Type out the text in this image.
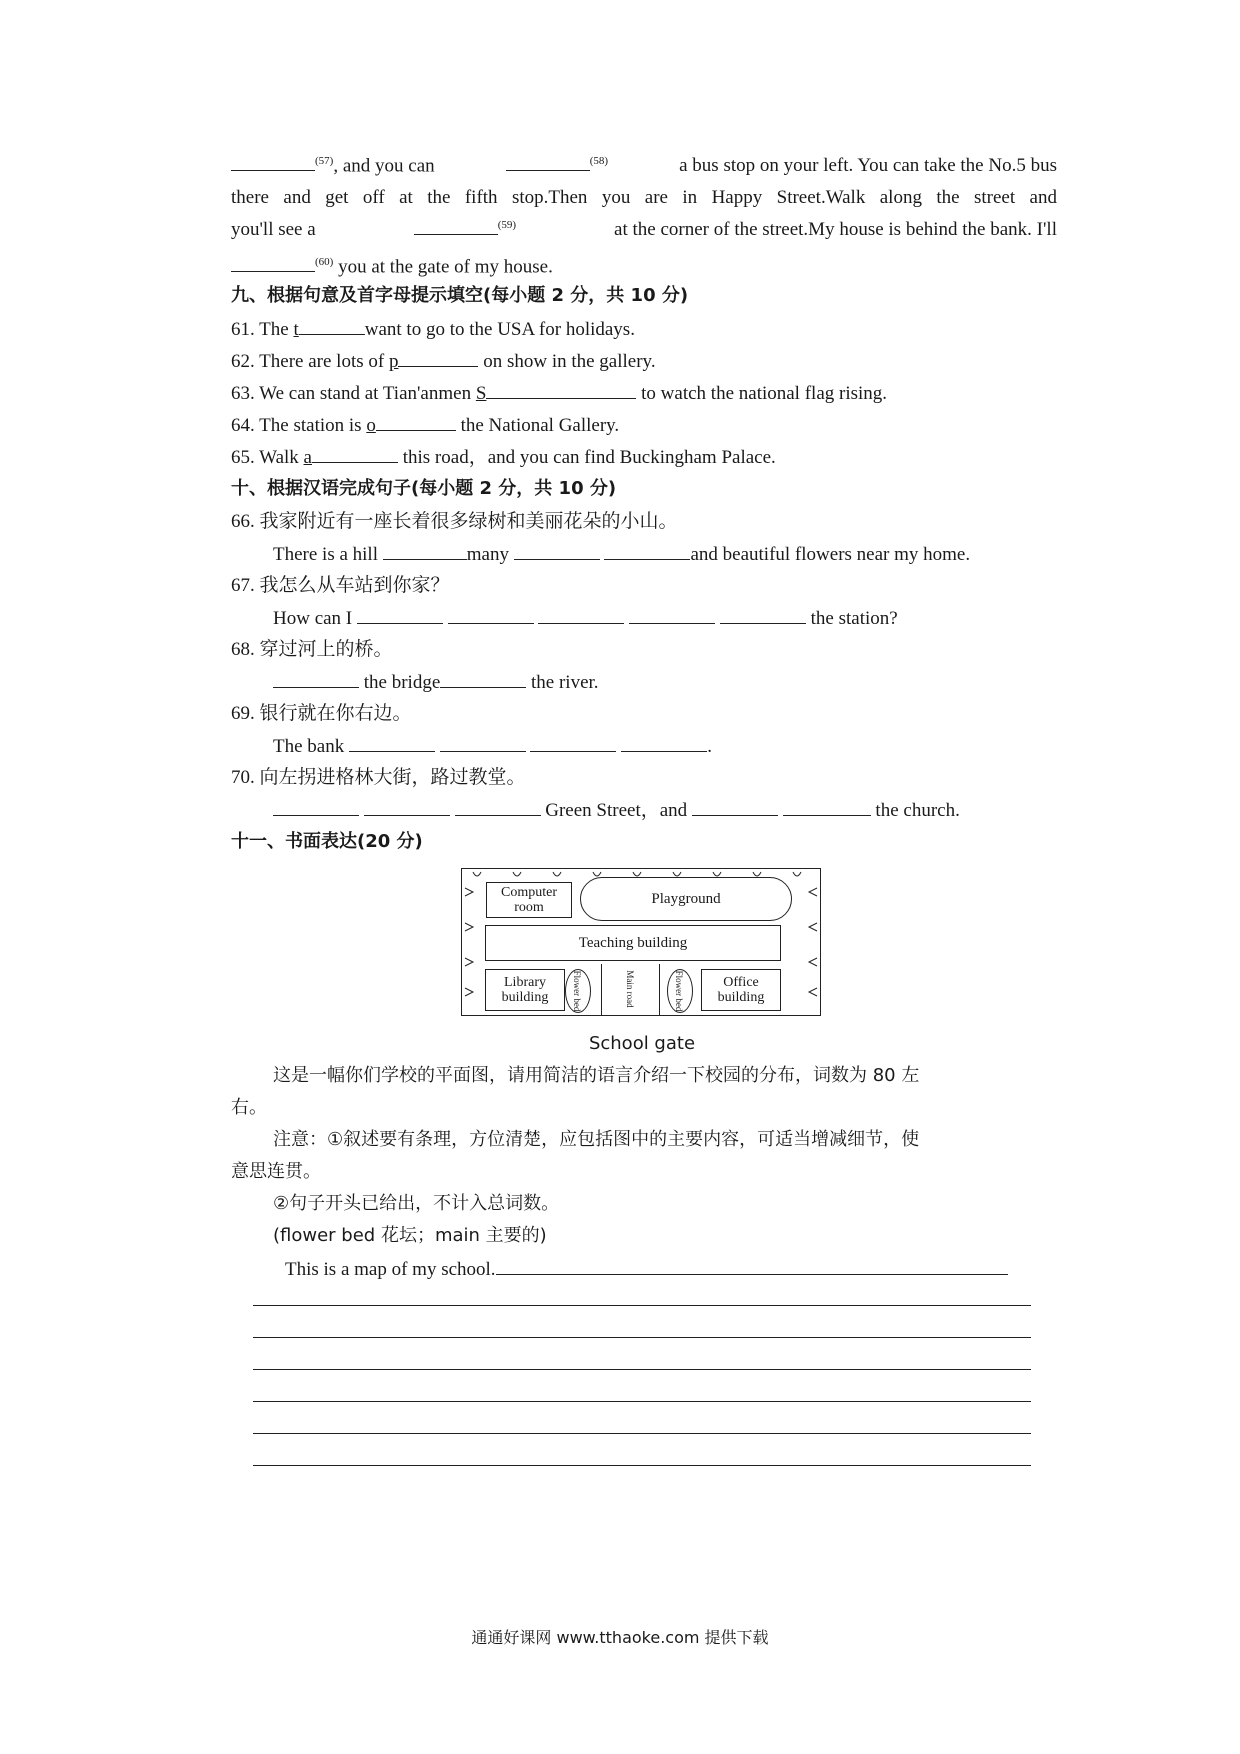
$^{(57)}$, and you can	$^{(58)}$	a bus stop on your left. You can take the No.5 bus
there and get off at the fifth stop.Then you are in Happy Street.Walk along the street and
you'll see a	$^{(59)}$	at the corner of the street.My house is behind the bank. I'll
$^{(60)}$ you at the gate of my house.
九、根据句意及首字母提示填空(每小题 2 分，共 10 分)
61. The t	want to go to the USA for holidays.
62. There are lots of p	on show in the gallery.
63. We can stand at Tian'anmen S	to watch the national flag rising.
64. The station is o	the National Gallery.
65. Walk a	this road，and you can find Buckingham Palace.
十、根据汉语完成句子(每小题 2 分，共 10 分)
66. 我家附近有一座长着很多绿树和美丽花朵的小山。
There is a hill	many	and beautiful flowers near my home.
67. 我怎么从车站到你家？
How can I	the station?
68. 穿过河上的桥。
the bridge	the river.
69. 银行就在你右边。
The bank	.
70. 向左拐进格林大街，路过教堂。
Green Street，and	the church.
十一、书面表达(20 分)
Computer room
Playground
Teaching building
Library building	Flower bed	Main road	Flower bed	Office building
School gate
这是一幅你们学校的平面图，请用简洁的语言介绍一下校园的分布，词数为 80 左
右。
注意：①叙述要有条理，方位清楚，应包括图中的主要内容，可适当增减细节，使
意思连贯。
②句子开头已给出，不计入总词数。
(flower bed 花坛；main 主要的)
This is a map of my school.
通通好课网 www.tthaoke.com 提供下载
